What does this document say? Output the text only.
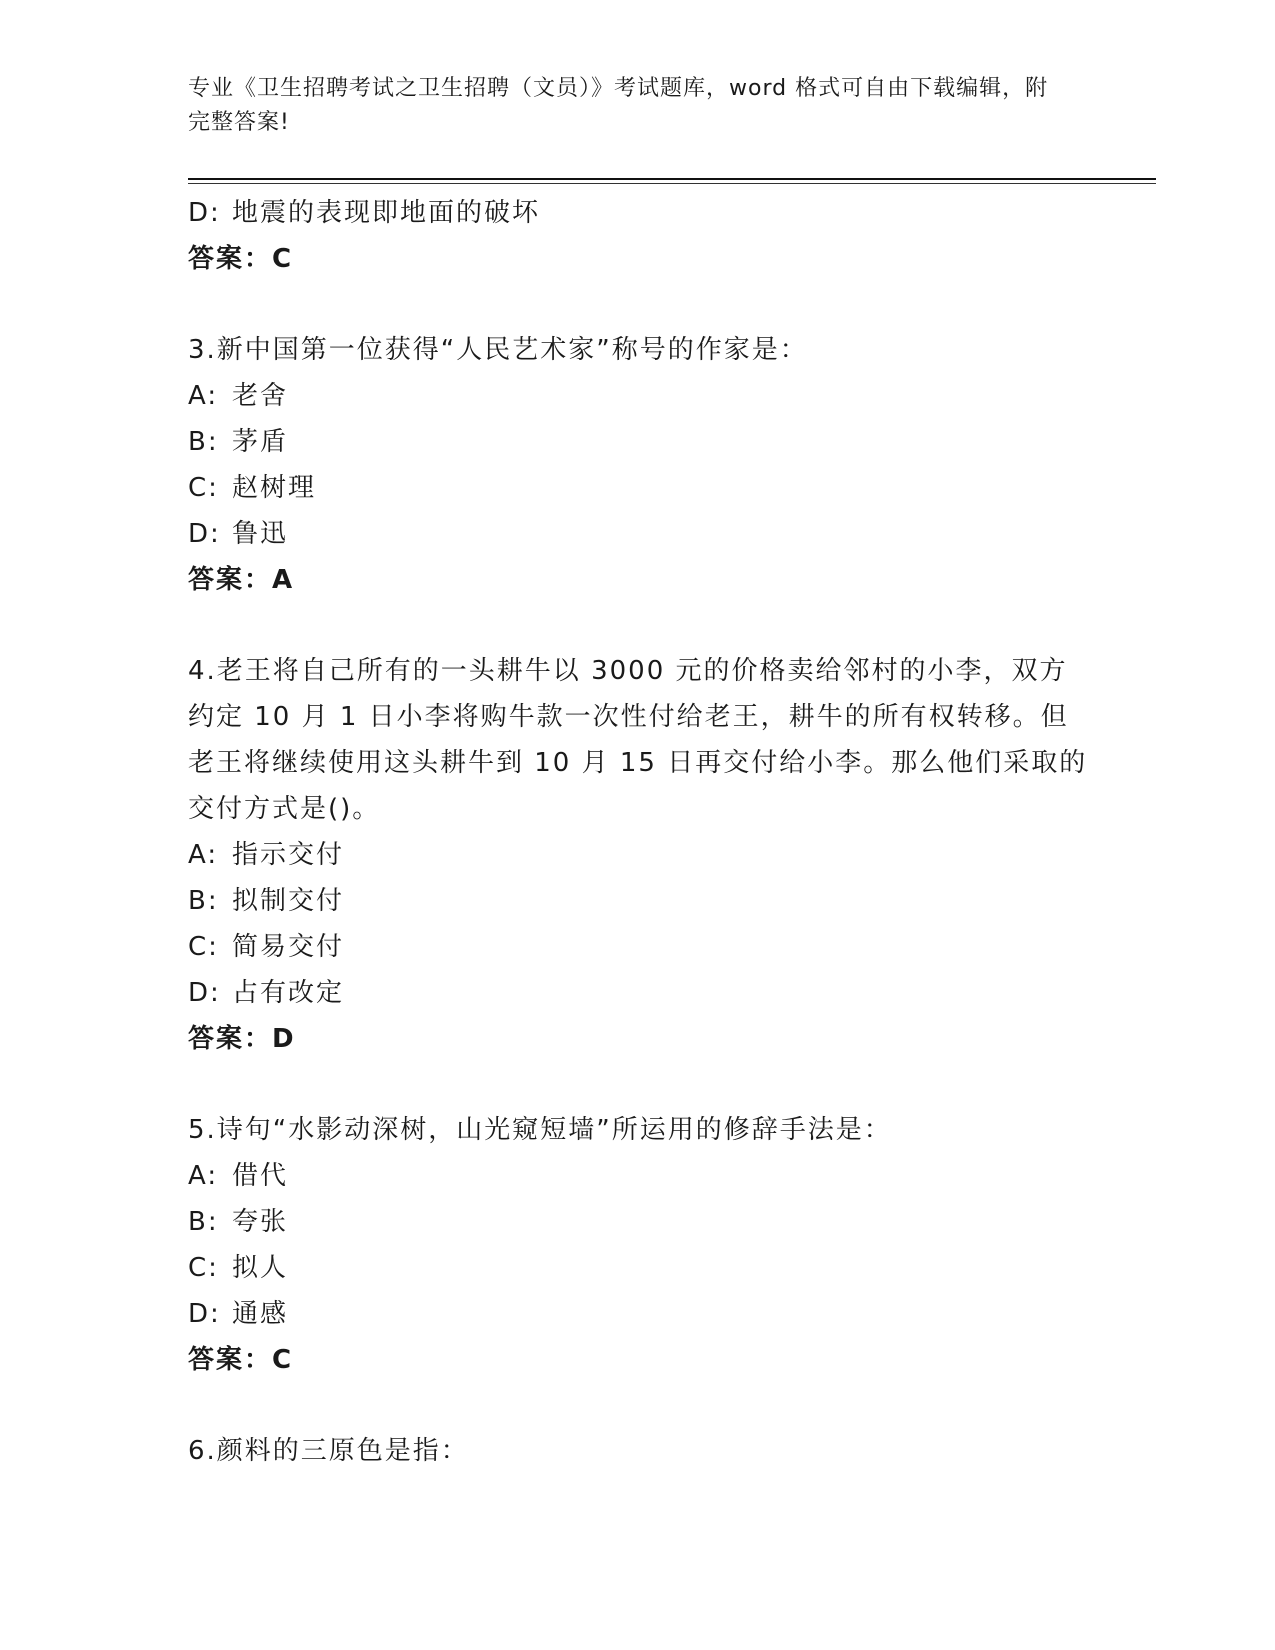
专业《卫生招聘考试之卫生招聘（文员）》考试题库，word 格式可自由下载编辑，附完整答案!
D: 地震的表现即地面的破坏
答案：C
3.新中国第一位获得“人民艺术家”称号的作家是：
A: 老舍
B: 茅盾
C: 赵树理
D: 鲁迅
答案：A
4.老王将自己所有的一头耕牛以 3000 元的价格卖给邻村的小李，双方约定 10 月 1 日小李将购牛款一次性付给老王，耕牛的所有权转移。但老王将继续使用这头耕牛到 10 月 15 日再交付给小李。那么他们采取的交付方式是()。
A: 指示交付
B: 拟制交付
C: 简易交付
D: 占有改定
答案：D
5.诗句“水影动深树，山光窥短墙”所运用的修辞手法是：
A: 借代
B: 夸张
C: 拟人
D: 通感
答案：C
6.颜料的三原色是指：
